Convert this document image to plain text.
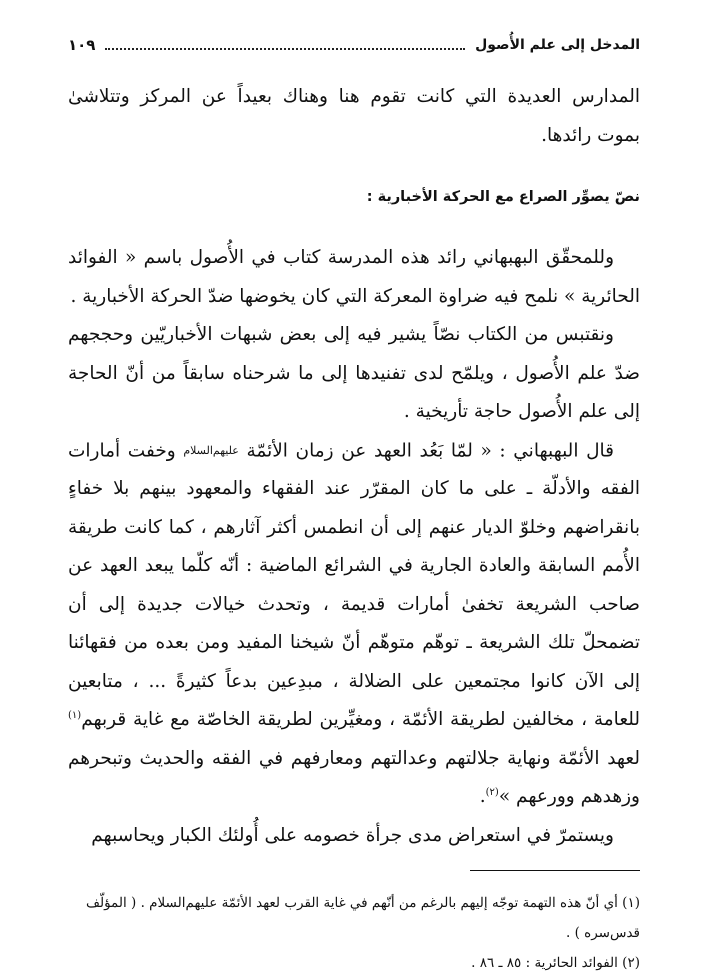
المدخل إلى علم الأُصول
١٠٩

المدارس العديدة التي كانت تقوم هنا وهناك بعيداً عن المركز وتتلاشىٰ بموت رائدها.

نصّ يصوِّر الصراع مع الحركة الأخبارية :

وللمحقّق البهبهاني رائد هذه المدرسة كتاب في الأُصول باسم « الفوائد الحائرية » نلمح فيه ضراوة المعركة التي كان يخوضها ضدّ الحركة الأخبارية .

ونقتبس من الكتاب نصّاً يشير فيه إلى بعض شبهات الأخباريّين وحججهم ضدّ علم الأُصول ، ويلمّح لدى تفنيدها إلى ما شرحناه سابقاً من أنّ الحاجة إلى علم الأُصول حاجة تأريخية .

قال البهبهاني : « لمّا بَعُد العهد عن زمان الأئمّة عليهم‌السلام وخفت أمارات الفقه والأدلّة ـ على ما كان المقرّر عند الفقهاء والمعهود بينهم بلا خفاءٍ بانقراضهم وخلوّ الديار عنهم إلى أن انطمس أكثر آثارهم ، كما كانت طريقة الأُمم السابقة والعادة الجارية في الشرائع الماضية : أنّه كلّما يبعد العهد عن صاحب الشريعة تخفىٰ أمارات قديمة ، وتحدث خيالات جديدة إلى أن تضمحلّ تلك الشريعة ـ توهّم متوهّم أنّ شيخنا المفيد ومن بعده من فقهائنا إلى الآن كانوا مجتمعين على الضلالة ، مبدِعين بدعاً كثيرةً ... ، متابعين للعامة ، مخالفين لطريقة الأئمّة ، ومغيِّرين لطريقة الخاصّة مع غاية قربهم$^{(١)}$ لعهد الأئمّة ونهاية جلالتهم وعدالتهم ومعارفهم في الفقه والحديث وتبحرهم وزهدهم وورعهم »$^{(٢)}$.

ويستمرّ في استعراض مدى جرأة خصومه على أُولئك الكبار ويحاسبهم

(١) أي أنّ هذه التهمة توجّه إليهم بالرغم من أنّهم في غاية القرب لعهد الأئمّة عليهم‌السلام . ( المؤلّف قدس‌سره ) .

(٢) الفوائد الحائرية : ٨٥ ـ ٨٦ .
